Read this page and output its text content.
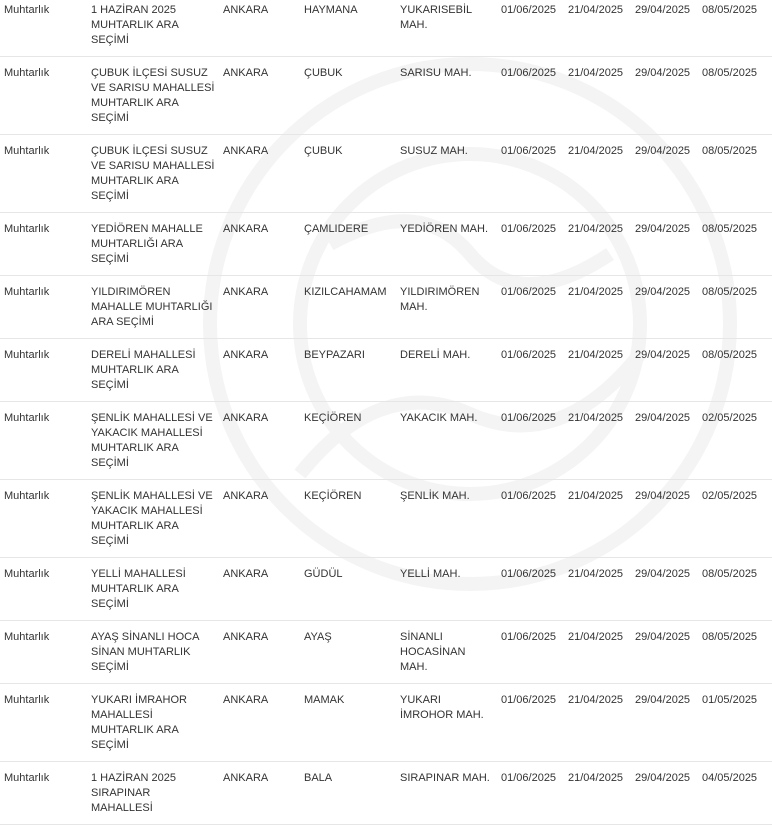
Muhtarlık	1 HAZİRAN 2025 MUHTARLIK ARA SEÇİMİ	ANKARA	HAYMANA	YUKARISEBİL MAH.	01/06/2025	21/04/2025	29/04/2025	08/05/2025
Muhtarlık	ÇUBUK İLÇESİ SUSUZ VE SARISU MAHALLESİ MUHTARLIK ARA SEÇİMİ	ANKARA	ÇUBUK	SARISU MAH.	01/06/2025	21/04/2025	29/04/2025	08/05/2025
Muhtarlık	ÇUBUK İLÇESİ SUSUZ VE SARISU MAHALLESİ MUHTARLIK ARA SEÇİMİ	ANKARA	ÇUBUK	SUSUZ MAH.	01/06/2025	21/04/2025	29/04/2025	08/05/2025
Muhtarlık	YEDİÖREN MAHALLE MUHTARLIĞI ARA SEÇİMİ	ANKARA	ÇAMLIDERE	YEDİÖREN MAH.	01/06/2025	21/04/2025	29/04/2025	08/05/2025
Muhtarlık	YILDIRIMÖREN MAHALLE MUHTARLIĞI ARA SEÇİMİ	ANKARA	KIZILCAHAMAM	YILDIRIMÖREN MAH.	01/06/2025	21/04/2025	29/04/2025	08/05/2025
Muhtarlık	DERELİ MAHALLESİ MUHTARLIK ARA SEÇİMİ	ANKARA	BEYPAZARI	DERELİ MAH.	01/06/2025	21/04/2025	29/04/2025	08/05/2025
Muhtarlık	ŞENLİK MAHALLESİ VE YAKACIK MAHALLESİ MUHTARLIK ARA SEÇİMİ	ANKARA	KEÇİÖREN	YAKACIK MAH.	01/06/2025	21/04/2025	29/04/2025	02/05/2025
Muhtarlık	ŞENLİK MAHALLESİ VE YAKACIK MAHALLESİ MUHTARLIK ARA SEÇİMİ	ANKARA	KEÇİÖREN	ŞENLİK MAH.	01/06/2025	21/04/2025	29/04/2025	02/05/2025
Muhtarlık	YELLİ MAHALLESİ MUHTARLIK ARA SEÇİMİ	ANKARA	GÜDÜL	YELLİ MAH.	01/06/2025	21/04/2025	29/04/2025	08/05/2025
Muhtarlık	AYAŞ SİNANLI HOCA SİNAN MUHTARLIK SEÇİMİ	ANKARA	AYAŞ	SİNANLI HOCASİNAN MAH.	01/06/2025	21/04/2025	29/04/2025	08/05/2025
Muhtarlık	YUKARI İMRAHOR MAHALLESİ MUHTARLIK ARA SEÇİMİ	ANKARA	MAMAK	YUKARI İMROHOR MAH.	01/06/2025	21/04/2025	29/04/2025	01/05/2025
Muhtarlık	1 HAZİRAN 2025 SIRAPINAR MAHALLESİ	ANKARA	BALA	SIRAPINAR MAH.	01/06/2025	21/04/2025	29/04/2025	04/05/2025
